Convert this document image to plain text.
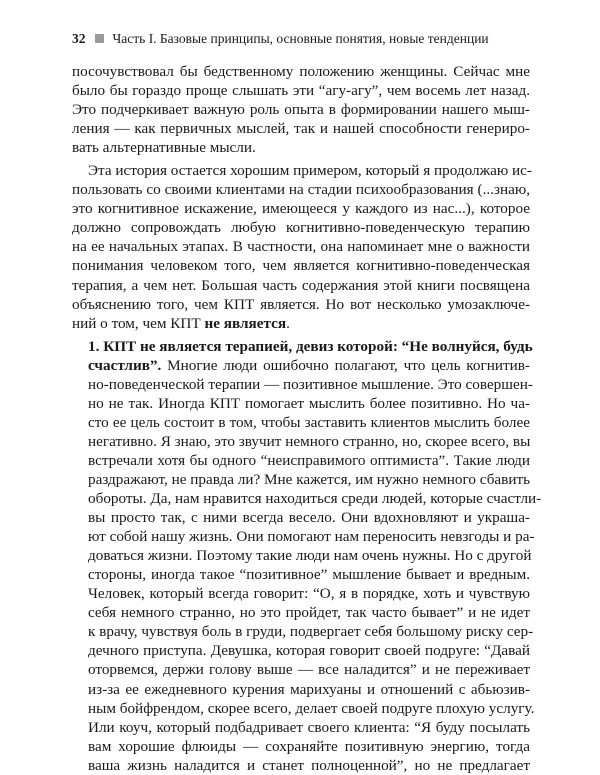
32 Часть I. Базовые принципы, основные понятия, новые тенденции
посочувствовал бы бедственному положению женщины. Сейчас мне
было бы гораздо проще слышать эти “агу-агу”, чем восемь лет назад.
Это подчеркивает важную роль опыта в формировании нашего мыш-
ления — как первичных мыслей, так и нашей способности генериро-
вать альтернативные мысли.
Эта история остается хорошим примером, который я продолжаю ис-
пользовать со своими клиентами на стадии психообразования (...знаю,
это когнитивное искажение, имеющееся у каждого из нас...), которое
должно сопровождать любую когнитивно-поведенческую терапию
на ее начальных этапах. В частности, она напоминает мне о важности
понимания человеком того, чем является когнитивно-поведенческая
терапия, а чем нет. Большая часть содержания этой книги посвящена
объяснению того, чем КПТ является. Но вот несколько умозаключе-
ний о том, чем КПТ не является.
1. КПТ не является терапией, девиз которой: “Не волнуйся, будь
счастлив”. Многие люди ошибочно полагают, что цель когнитив-
но-поведенческой терапии — позитивное мышление. Это совершен-
но не так. Иногда КПТ помогает мыслить более позитивно. Но ча-
сто ее цель состоит в том, чтобы заставить клиентов мыслить более
негативно. Я знаю, это звучит немного странно, но, скорее всего, вы
встречали хотя бы одного “неисправимого оптимиста”. Такие люди
раздражают, не правда ли? Мне кажется, им нужно немного сбавить
обороты. Да, нам нравится находиться среди людей, которые счастли-
вы просто так, с ними всегда весело. Они вдохновляют и украша-
ют собой нашу жизнь. Они помогают нам переносить невзгоды и ра-
доваться жизни. Поэтому такие люди нам очень нужны. Но с другой
стороны, иногда такое “позитивное” мышление бывает и вредным.
Человек, который всегда говорит: “О, я в порядке, хоть и чувствую
себя немного странно, но это пройдет, так часто бывает” и не идет
к врачу, чувствуя боль в груди, подвергает себя большому риску сер-
дечного приступа. Девушка, которая говорит своей подруге: “Давай
оторвемся, держи голову выше — все наладится” и не переживает
из-за ее ежедневного курения марихуаны и отношений с абьюзив-
ным бойфрендом, скорее всего, делает своей подруге плохую услугу.
Или коуч, который подбадривает своего клиента: “Я буду посылать
вам хорошие флюиды — сохраняйте позитивную энергию, тогда
ваша жизнь наладится и станет полноценной”, но не предлагает
